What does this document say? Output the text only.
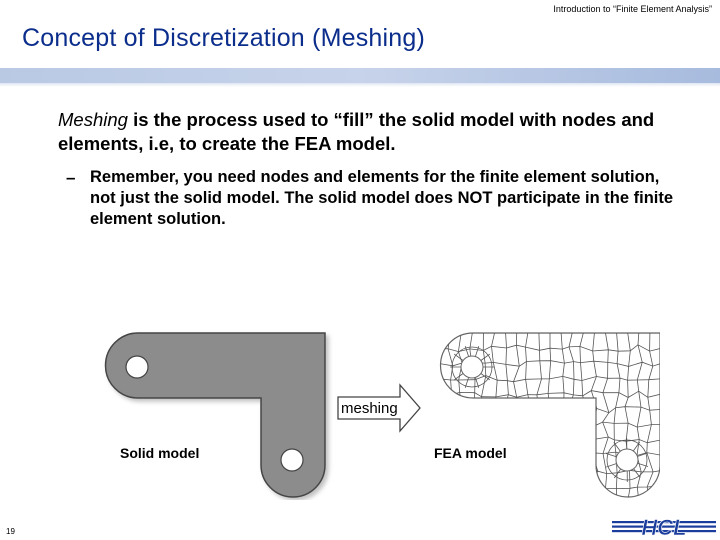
Introduction to “Finite Element Analysis”
Concept of Discretization (Meshing)
Meshing is the process used to “fill” the solid model with nodes and elements, i.e, to create the FEA model.
– Remember, you need nodes and elements for the finite element solution, not just the solid model. The solid model does NOT participate in the finite element solution.
meshing
Solid model	FEA model
19	HCL
